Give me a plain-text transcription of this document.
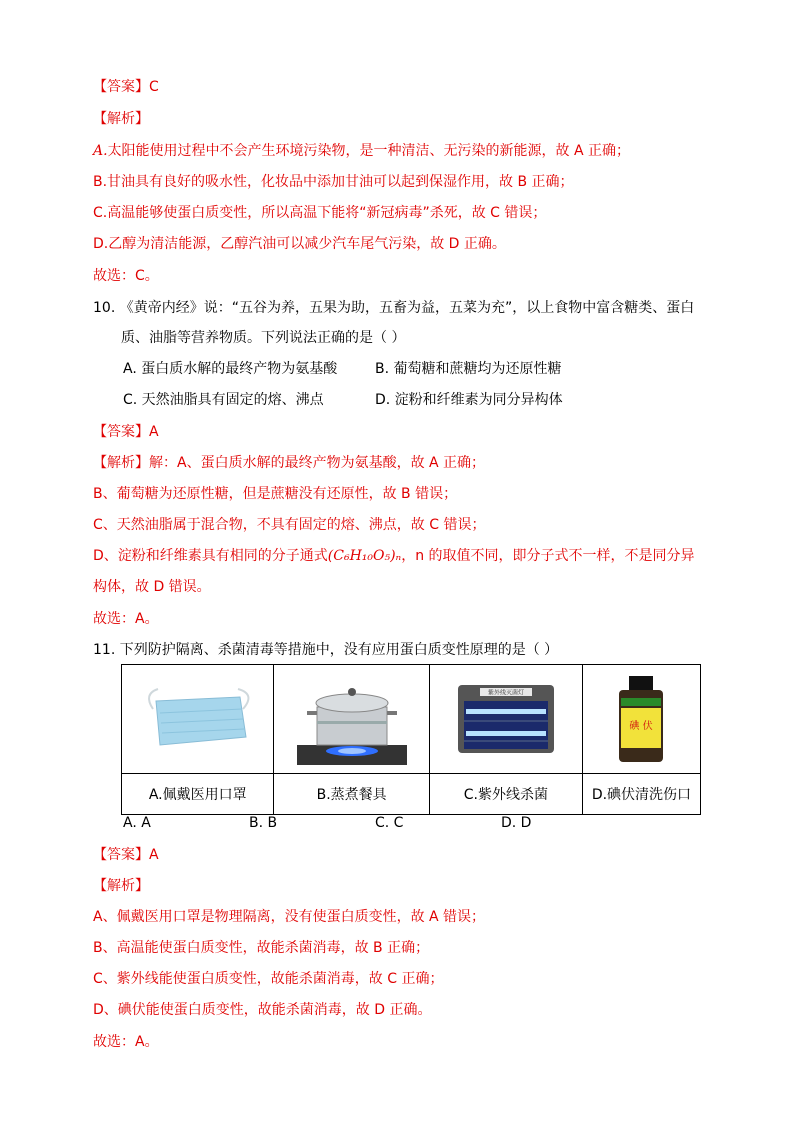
【答案】C
【解析】
A.太阳能使用过程中不会产生环境污染物，是一种清洁、无污染的新能源，故 A 正确；
B.甘油具有良好的吸水性，化妆品中添加甘油可以起到保湿作用，故 B 正确；
C.高温能够使蛋白质变性，所以高温下能将“新冠病毒”杀死，故 C 错误；
D.乙醇为清洁能源，乙醇汽油可以减少汽车尾气污染，故 D 正确。
故选：C。
10. 《黄帝内经》说：“五谷为养，五果为助，五畜为益，五菜为充”，以上食物中富含糖类、蛋白
质、油脂等营养物质。下列说法正确的是（ ）
A. 蛋白质水解的最终产物为氨基酸	B. 葡萄糖和蔗糖均为还原性糖
C. 天然油脂具有固定的熔、沸点	D. 淀粉和纤维素为同分异构体
【答案】A
【解析】解：A、蛋白质水解的最终产物为氨基酸，故 A 正确；
B、葡萄糖为还原性糖，但是蔗糖没有还原性，故 B 错误；
C、天然油脂属于混合物，不具有固定的熔、沸点，故 C 错误；
D、淀粉和纤维素具有相同的分子通式(C₆H₁₀O₅)ₙ，n 的取值不同，即分子式不一样，不是同分异
构体，故 D 错误。
故选：A。
11. 下列防护隔离、杀菌清毒等措施中，没有应用蛋白质变性原理的是（ ）

紫外线灭菌灯	碘 伏

A.佩戴医用口罩	B.蒸煮餐具	C.紫外线杀菌	D.碘伏清洗伤口
A. A	B. B	C. C	D. D
【答案】A
【解析】
A、佩戴医用口罩是物理隔离，没有使蛋白质变性，故 A 错误；
B、高温能使蛋白质变性，故能杀菌消毒，故 B 正确；
C、紫外线能使蛋白质变性，故能杀菌消毒，故 C 正确；
D、碘伏能使蛋白质变性，故能杀菌消毒，故 D 正确。
故选：A。
